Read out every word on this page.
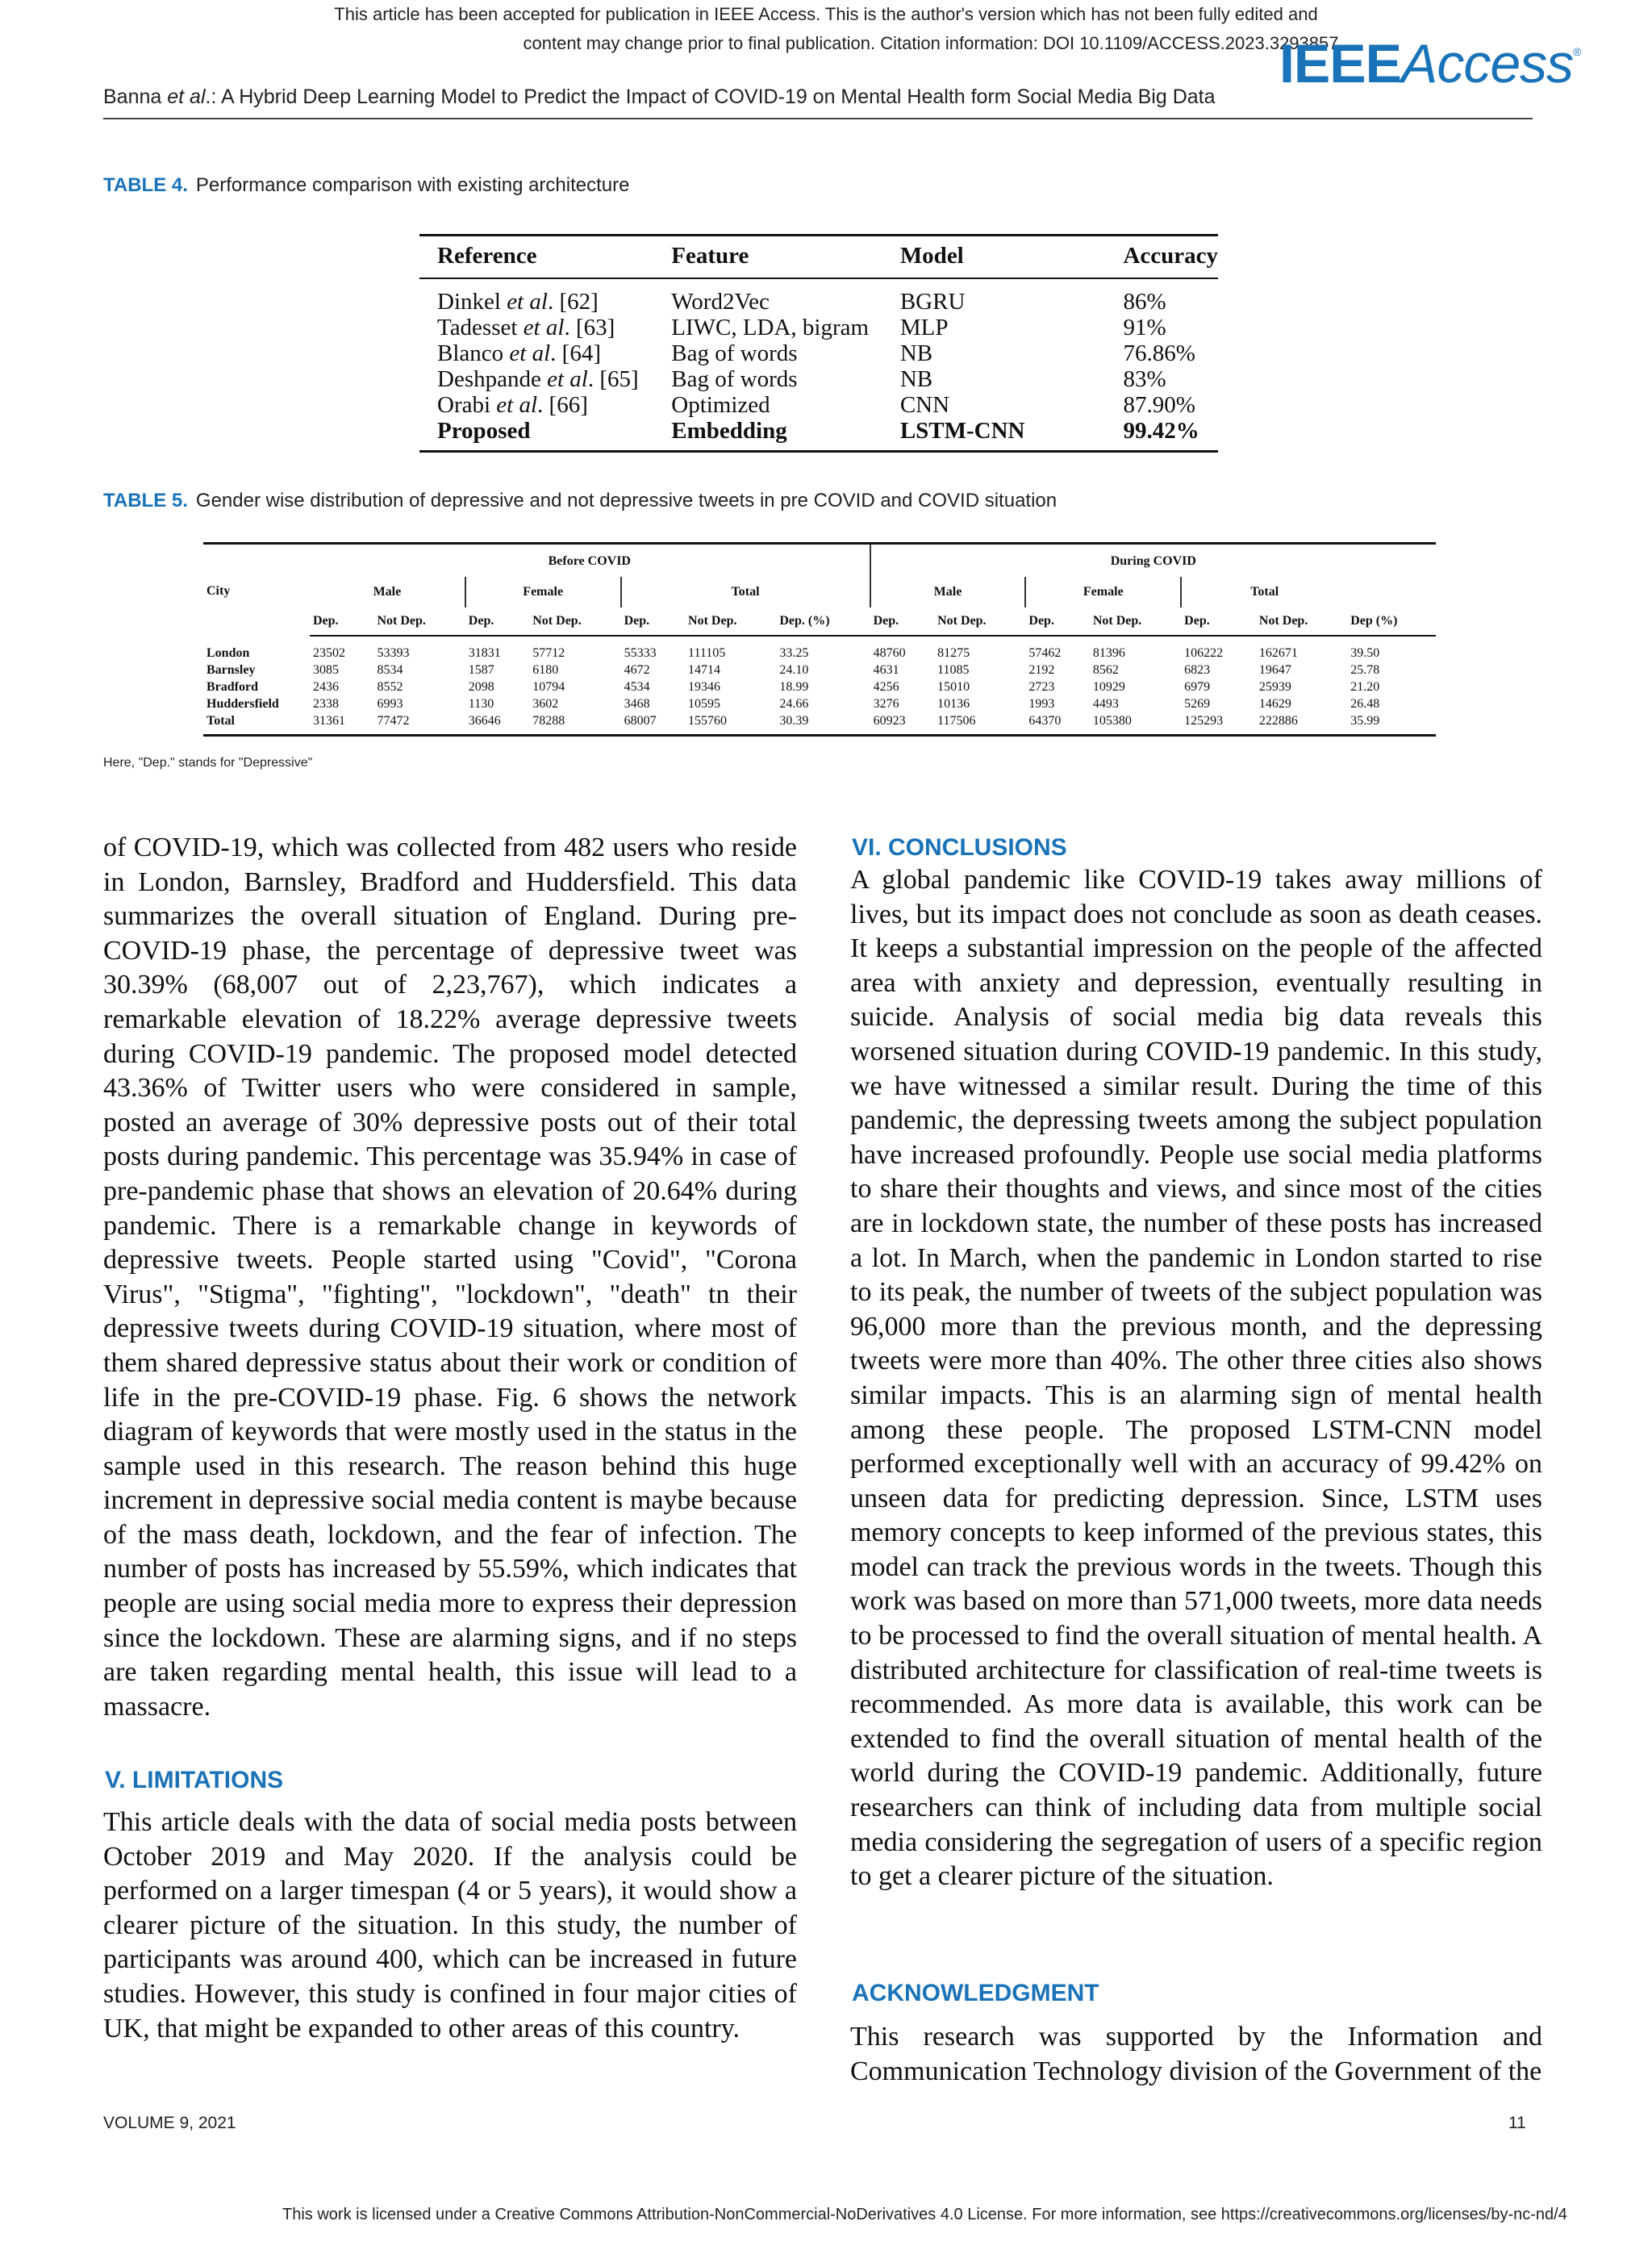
This article has been accepted for publication in IEEE Access. This is the author's version which has not been fully edited and
content may change prior to final publication. Citation information: DOI 10.1109/ACCESS.2023.3293857
IEEEAccess®
Banna et al.: A Hybrid Deep Learning Model to Predict the Impact of COVID-19 on Mental Health form Social Media Big Data
TABLE 4. Performance comparison with existing architecture
Reference	Feature	Model	Accuracy
Dinkel et al. [62]	Word2Vec	BGRU	86%
Tadesset et al. [63]	LIWC, LDA, bigram	MLP	91%
Blanco et al. [64]	Bag of words	NB	76.86%
Deshpande et al. [65]	Bag of words	NB	83%
Orabi et al. [66]	Optimized	CNN	87.90%
Proposed	Embedding	LSTM-CNN	99.42%
TABLE 5. Gender wise distribution of depressive and not depressive tweets in pre COVID and COVID situation
City	Before COVID							During COVID						
	Male		Female		Total			Male		Female		Total		
	Dep.	Not Dep.	Dep.	Not Dep.	Dep.	Not Dep.	Dep. (%)	Dep.	Not Dep.	Dep.	Not Dep.	Dep.	Not Dep.	Dep (%)
London	23502	53393	31831	57712	55333	111105	33.25	48760	81275	57462	81396	106222	162671	39.50
Barnsley	3085	8534	1587	6180	4672	14714	24.10	4631	11085	2192	8562	6823	19647	25.78
Bradford	2436	8552	2098	10794	4534	19346	18.99	4256	15010	2723	10929	6979	25939	21.20
Huddersfield	2338	6993	1130	3602	3468	10595	24.66	3276	10136	1993	4493	5269	14629	26.48
Total	31361	77472	36646	78288	68007	155760	30.39	60923	117506	64370	105380	125293	222886	35.99
Here, "Dep." stands for "Depressive"

of COVID-19, which was collected from 482 users who reside in London, Barnsley, Bradford and Huddersfield. This data summarizes the overall situation of England. During pre-COVID-19 phase, the percentage of depressive tweet was 30.39% (68,007 out of 2,23,767), which indicates a remarkable elevation of 18.22% average depressive tweets during COVID-19 pandemic. The proposed model detected 43.36% of Twitter users who were considered in sample, posted an average of 30% depressive posts out of their total posts during pandemic. This percentage was 35.94% in case of pre-pandemic phase that shows an elevation of 20.64% during pandemic. There is a remarkable change in keywords of depressive tweets. People started using "Covid", "Corona Virus", "Stigma", "fighting", "lockdown", "death" tn their depressive tweets during COVID-19 situation, where most of them shared depressive status about their work or condition of life in the pre-COVID-19 phase. Fig. 6 shows the network diagram of keywords that were mostly used in the status in the sample used in this research. The reason behind this huge increment in depressive social media content is maybe because of the mass death, lockdown, and the fear of infection. The number of posts has increased by 55.59%, which indicates that people are using social media more to express their depression since the lockdown. These are alarming signs, and if no steps are taken regarding mental health, this issue will lead to a massacre.

V. LIMITATIONS

This article deals with the data of social media posts between October 2019 and May 2020. If the analysis could be performed on a larger timespan (4 or 5 years), it would show a clearer picture of the situation. In this study, the number of participants was around 400, which can be increased in future studies. However, this study is confined in four major cities of UK, that might be expanded to other areas of this country.

VI. CONCLUSIONS

A global pandemic like COVID-19 takes away millions of lives, but its impact does not conclude as soon as death ceases. It keeps a substantial impression on the people of the affected area with anxiety and depression, eventually resulting in suicide. Analysis of social media big data reveals this worsened situation during COVID-19 pandemic. In this study, we have witnessed a similar result. During the time of this pandemic, the depressing tweets among the subject population have increased profoundly. People use social media platforms to share their thoughts and views, and since most of the cities are in lockdown state, the number of these posts has increased a lot. In March, when the pandemic in London started to rise to its peak, the number of tweets of the subject population was 96,000 more than the previous month, and the depressing tweets were more than 40%. The other three cities also shows similar impacts. This is an alarming sign of mental health among these people. The proposed LSTM-CNN model performed exceptionally well with an accuracy of 99.42% on unseen data for predicting depression. Since, LSTM uses memory concepts to keep informed of the previous states, this model can track the previous words in the tweets. Though this work was based on more than 571,000 tweets, more data needs to be processed to find the overall situation of mental health. A distributed architecture for classification of real-time tweets is recommended. As more data is available, this work can be extended to find the overall situation of mental health of the world during the COVID-19 pandemic. Additionally, future researchers can think of including data from multiple social media considering the segregation of users of a specific region to get a clearer picture of the situation.

ACKNOWLEDGMENT

This research was supported by the Information and Communication Technology division of the Government of the

VOLUME 9, 2021	11
This work is licensed under a Creative Commons Attribution-NonCommercial-NoDerivatives 4.0 License. For more information, see https://creativecommons.org/licenses/by-nc-nd/4
